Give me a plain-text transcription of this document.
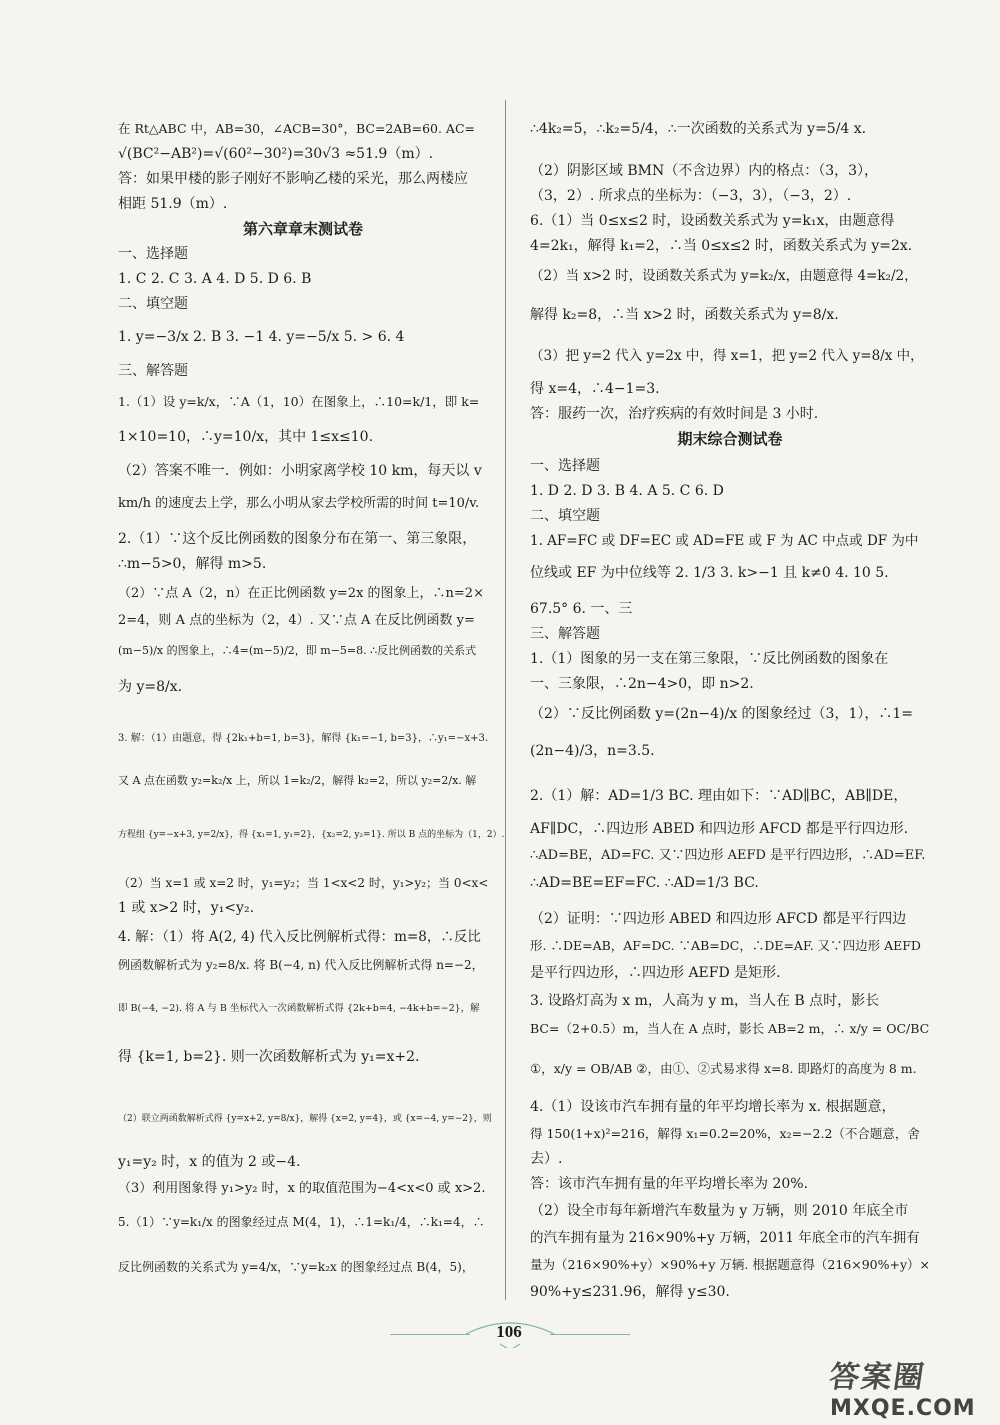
在 Rt△ABC 中，AB=30，∠ACB=30°，BC=2AB=60. AC=
√(BC²−AB²)=√(60²−30²)=30√3 ≈51.9（m）.
答：如果甲楼的影子刚好不影响乙楼的采光，那么两楼应
相距 51.9（m）.
第六章章末测试卷
一、选择题
1. C 2. C 3. A 4. D 5. D 6. B
二、填空题
1. y=−3/x 2. B 3. −1 4. y=−5/x 5. > 6. 4
三、解答题
1.（1）设 y=k/x，∵A（1，10）在图象上，∴10=k/1，即 k=
1×10=10，∴y=10/x，其中 1≤x≤10.
（2）答案不唯一．例如：小明家离学校 10 km，每天以 v
km/h 的速度去上学，那么小明从家去学校所需的时间 t=10/v.
2.（1）∵这个反比例函数的图象分布在第一、第三象限，
∴m−5>0，解得 m>5.
（2）∵点 A（2，n）在正比例函数 y=2x 的图象上，∴n=2×
2=4，则 A 点的坐标为（2，4）. 又∵点 A 在反比例函数 y=
(m−5)/x 的图象上，∴4=(m−5)/2，即 m−5=8. ∴反比例函数的关系式
为 y=8/x.
3. 解：（1）由题意，得 {2k₁+b=1, b=3}，解得 {k₁=−1, b=3}，∴y₁=−x+3.
又 A 点在函数 y₂=k₂/x 上，所以 1=k₂/2，解得 k₂=2，所以 y₂=2/x. 解
方程组 {y=−x+3, y=2/x}，得 {x₁=1, y₁=2}，{x₂=2, y₂=1}. 所以 B 点的坐标为（1，2）.
（2）当 x=1 或 x=2 时，y₁=y₂；当 1<x<2 时，y₁>y₂；当 0<x<
1 或 x>2 时，y₁<y₂.
4. 解：（1）将 A(2, 4) 代入反比例解析式得：m=8，∴反比
例函数解析式为 y₂=8/x. 将 B(−4, n) 代入反比例解析式得 n=−2，
即 B(−4, −2). 将 A 与 B 坐标代入一次函数解析式得 {2k+b=4, −4k+b=−2}，解
得 {k=1, b=2}. 则一次函数解析式为 y₁=x+2.
（2）联立两函数解析式得 {y=x+2, y=8/x}，解得 {x=2, y=4}，或 {x=−4, y=−2}，则
y₁=y₂ 时，x 的值为 2 或−4.
（3）利用图象得 y₁>y₂ 时，x 的取值范围为−4<x<0 或 x>2.
5.（1）∵y=k₁/x 的图象经过点 M(4，1)，∴1=k₁/4，∴k₁=4，∴
反比例函数的关系式为 y=4/x，∵y=k₂x 的图象经过点 B(4，5)，
∴4k₂=5，∴k₂=5/4，∴一次函数的关系式为 y=5/4 x.
（2）阴影区域 BMN（不含边界）内的格点：（3，3），
（3，2）. 所求点的坐标为：（−3，3），（−3，2）.
6.（1）当 0≤x≤2 时，设函数关系式为 y=k₁x，由题意得
4=2k₁，解得 k₁=2，∴当 0≤x≤2 时，函数关系式为 y=2x.
（2）当 x>2 时，设函数关系式为 y=k₂/x，由题意得 4=k₂/2，
解得 k₂=8，∴当 x>2 时，函数关系式为 y=8/x.
（3）把 y=2 代入 y=2x 中，得 x=1，把 y=2 代入 y=8/x 中，
得 x=4，∴4−1=3.
答：服药一次，治疗疾病的有效时间是 3 小时.
期末综合测试卷
一、选择题
1. D 2. D 3. B 4. A 5. C 6. D
二、填空题
1. AF=FC 或 DF=EC 或 AD=FE 或 F 为 AC 中点或 DF 为中
位线或 EF 为中位线等 2. 1/3 3. k>−1 且 k≠0 4. 10 5.
67.5° 6. 一、三
三、解答题
1.（1）图象的另一支在第三象限，∵反比例函数的图象在
一、三象限，∴2n−4>0，即 n>2.
（2）∵反比例函数 y=(2n−4)/x 的图象经过（3，1），∴1=
(2n−4)/3，n=3.5.
2.（1）解：AD=1/3 BC. 理由如下：∵AD∥BC，AB∥DE，
AF∥DC，∴四边形 ABED 和四边形 AFCD 都是平行四边形.
∴AD=BE，AD=FC. 又∵四边形 AEFD 是平行四边形，∴AD=EF.
∴AD=BE=EF=FC. ∴AD=1/3 BC.
（2）证明：∵四边形 ABED 和四边形 AFCD 都是平行四边
形. ∴DE=AB，AF=DC. ∵AB=DC，∴DE=AF. 又∵四边形 AEFD
是平行四边形，∴四边形 AEFD 是矩形.
3. 设路灯高为 x m，人高为 y m，当人在 B 点时，影长
BC=（2+0.5）m，当人在 A 点时，影长 AB=2 m，∴ x/y = OC/BC
①，x/y = OB/AB ②，由①、②式易求得 x=8. 即路灯的高度为 8 m.
4.（1）设该市汽车拥有量的年平均增长率为 x. 根据题意，
得 150(1+x)²=216，解得 x₁=0.2=20%，x₂=−2.2（不合题意，舍
去）.
答：该市汽车拥有量的年平均增长率为 20%.
（2）设全市每年新增汽车数量为 y 万辆，则 2010 年底全市
的汽车拥有量为 216×90%+y 万辆，2011 年底全市的汽车拥有
量为（216×90%+y）×90%+y 万辆. 根据题意得（216×90%+y）×
90%+y≤231.96，解得 y≤30.
106
答案圈
MXQE.COM
